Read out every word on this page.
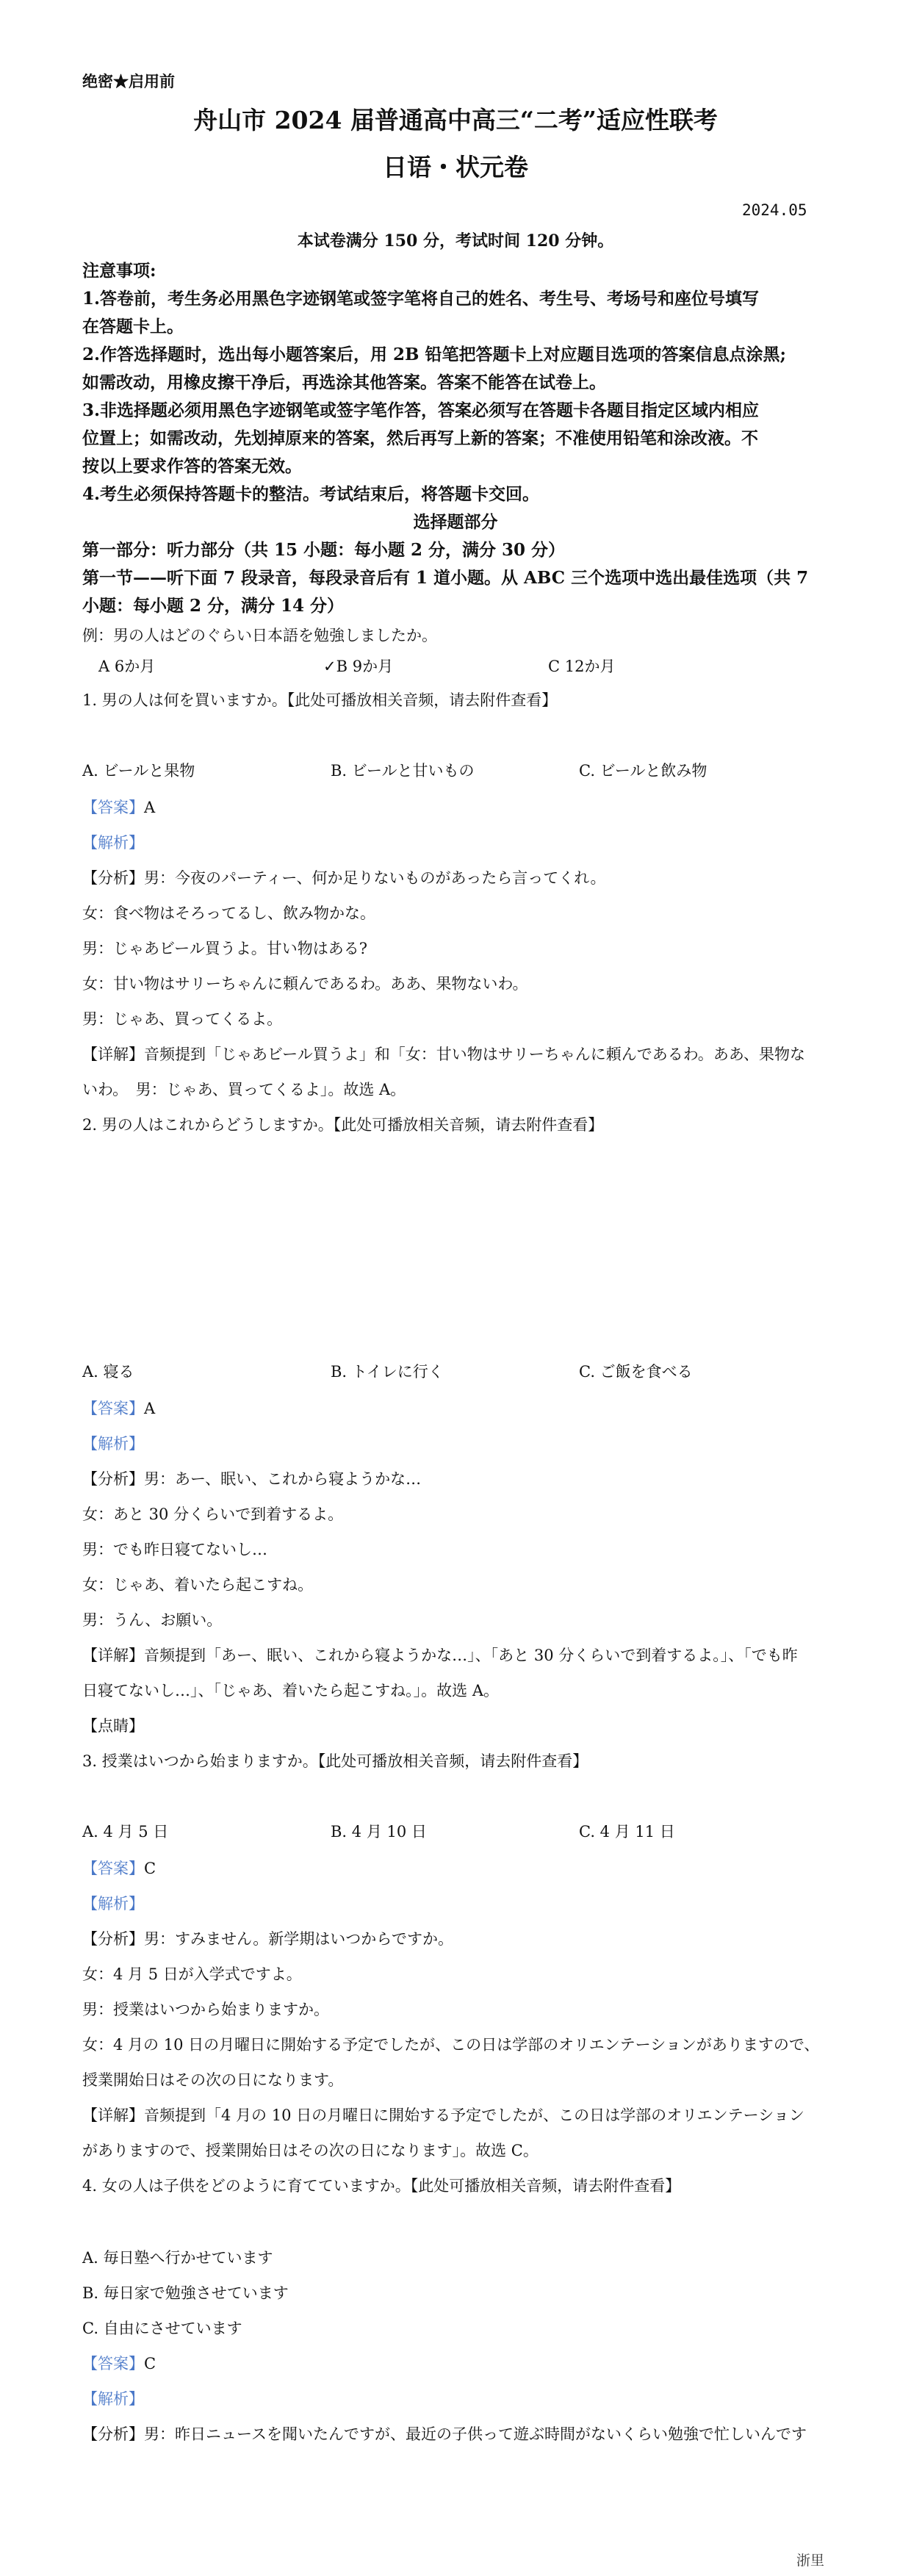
绝密★启用前
舟山市 2024 届普通高中高三“二考”适应性联考
日语・状元卷
2024.05
本试卷满分 150 分，考试时间 120 分钟。
注意事项:
1.答卷前，考生务必用黑色字迹钢笔或签字笔将自己的姓名、考生号、考场号和座位号填写
在答题卡上。
2.作答选择题时，选出每小题答案后，用 2B 铅笔把答题卡上对应题目选项的答案信息点涂黑;
如需改动，用橡皮擦干净后，再选涂其他答案。答案不能答在试卷上。
3.非选择题必须用黑色字迹钢笔或签字笔作答，答案必须写在答题卡各题目指定区域内相应
位置上；如需改动，先划掉原来的答案，然后再写上新的答案；不准使用铅笔和涂改液。不
按以上要求作答的答案无效。
4.考生必须保持答题卡的整洁。考试结束后，将答题卡交回。
选择题部分
第一部分：听力部分（共 15 小题：每小题 2 分，满分 30 分）
第一节——听下面 7 段录音，每段录音后有 1 道小题。从 ABC 三个选项中选出最佳选项（共 7
小题：每小题 2 分，满分 14 分）
例：男の人はどのぐらい日本語を勉強しましたか。
A 6か月	✓B 9か月	C 12か月
1. 男の人は何を買いますか。【此处可播放相关音频，请去附件查看】
A. ビールと果物	B. ビールと甘いもの	C. ビールと飲み物
【答案】A
【解析】
【分析】男：今夜のパーティー、何か足りないものがあったら言ってくれ。
女：食べ物はそろってるし、飲み物かな。
男：じゃあビール買うよ。甘い物はある?
女：甘い物はサリーちゃんに頼んであるわ。ああ、果物ないわ。
男：じゃあ、買ってくるよ。
【详解】音频提到「じゃあビール買うよ」和「女：甘い物はサリーちゃんに頼んであるわ。ああ、果物な
いわ。　男：じゃあ、買ってくるよ」。故选 A。
2. 男の人はこれからどうしますか。【此处可播放相关音频，请去附件查看】
A. 寝る	B. トイレに行く	C. ご飯を食べる
【答案】A
【解析】
【分析】男：あー、眠い、これから寝ようかな…
女：あと 30 分くらいで到着するよ。
男：でも昨日寝てないし…
女：じゃあ、着いたら起こすね。
男：うん、お願い。
【详解】音频提到「あー、眠い、これから寝ようかな…」、「あと 30 分くらいで到着するよ。」、「でも昨
日寝てないし…」、「じゃあ、着いたら起こすね。」。故选 A。
【点睛】
3. 授業はいつから始まりますか。【此处可播放相关音频，请去附件查看】
A. 4 月 5 日	B. 4 月 10 日	C. 4 月 11 日
【答案】C
【解析】
【分析】男：すみません。新学期はいつからですか。
女：4 月 5 日が入学式ですよ。
男：授業はいつから始まりますか。
女：4 月の 10 日の月曜日に開始する予定でしたが、この日は学部のオリエンテーションがありますので、
授業開始日はその次の日になります。
【详解】音频提到「4 月の 10 日の月曜日に開始する予定でしたが、この日は学部のオリエンテーション
がありますので、授業開始日はその次の日になります」。故选 C。
4. 女の人は子供をどのように育てていますか。【此处可播放相关音频，请去附件查看】
A. 毎日塾へ行かせています
B. 毎日家で勉強させています
C. 自由にさせています
【答案】C
【解析】
【分析】男：昨日ニュースを聞いたんですが、最近の子供って遊ぶ時間がないくらい勉強で忙しいんです
浙里
